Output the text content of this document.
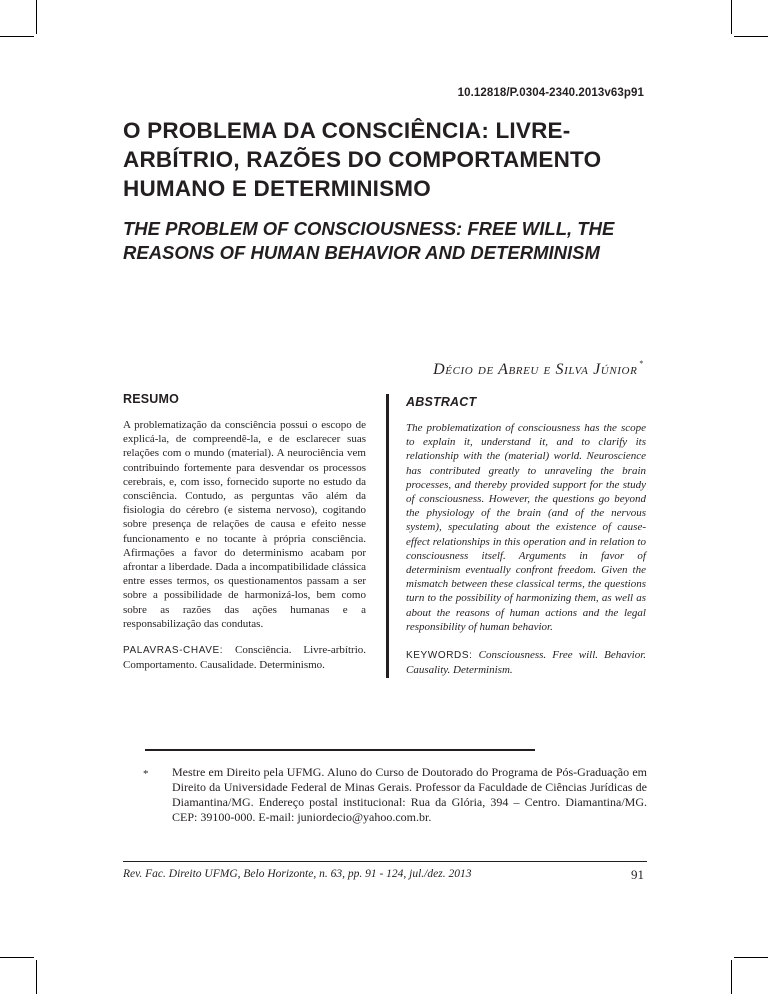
10.12818/P.0304-2340.2013v63p91
O PROBLEMA DA CONSCIÊNCIA: LIVRE-ARBÍTRIO, RAZÕES DO COMPORTAMENTO HUMANO E DETERMINISMO
THE PROBLEM OF CONSCIOUSNESS: FREE WILL, THE REASONS OF HUMAN BEHAVIOR AND DETERMINISM
Décio de Abreu e Silva Júnior *
RESUMO

A problematização da consciência possui o escopo de explicá-la, de compreendê-la, e de esclarecer suas relações com o mundo (material). A neurociência vem contribuindo fortemente para desvendar os processos cerebrais, e, com isso, fornecido suporte no estudo da consciência. Contudo, as perguntas vão além da fisiologia do cérebro (e sistema nervoso), cogitando sobre presença de relações de causa e efeito nesse funcionamento e no tocante à própria consciência. Afirmações a favor do determinismo acabam por afrontar a liberdade. Dada a incompatibilidade clássica entre esses termos, os questionamentos passam a ser sobre a possibilidade de harmonizá-los, bem como sobre as razões das ações humanas e a responsabilização das condutas.

PALAVRAS-CHAVE: Consciência. Livre-arbítrio. Comportamento. Causalidade. Determinismo.

ABSTRACT

The problematization of consciousness has the scope to explain it, understand it, and to clarify its relationship with the (material) world. Neuroscience has contributed greatly to unraveling the brain processes, and thereby provided support for the study of consciousness. However, the questions go beyond the physiology of the brain (and of the nervous system), speculating about the existence of cause-effect relationships in this operation and in relation to consciousness itself. Arguments in favor of determinism eventually confront freedom. Given the mismatch between these classical terms, the questions turn to the possibility of harmonizing them, as well as about the reasons of human actions and the legal responsibility of human behavior.

KEYWORDS: Consciousness. Free will. Behavior. Causality. Determinism.

* Mestre em Direito pela UFMG. Aluno do Curso de Doutorado do Programa de Pós-Graduação em Direito da Universidade Federal de Minas Gerais. Professor da Faculdade de Ciências Jurídicas de Diamantina/MG. Endereço postal institucional: Rua da Glória, 394 – Centro. Diamantina/MG. CEP: 39100-000. E-mail: juniordecio@yahoo.com.br.

Rev. Fac. Direito UFMG, Belo Horizonte, n. 63, pp. 91 - 124, jul./dez. 2013	91
